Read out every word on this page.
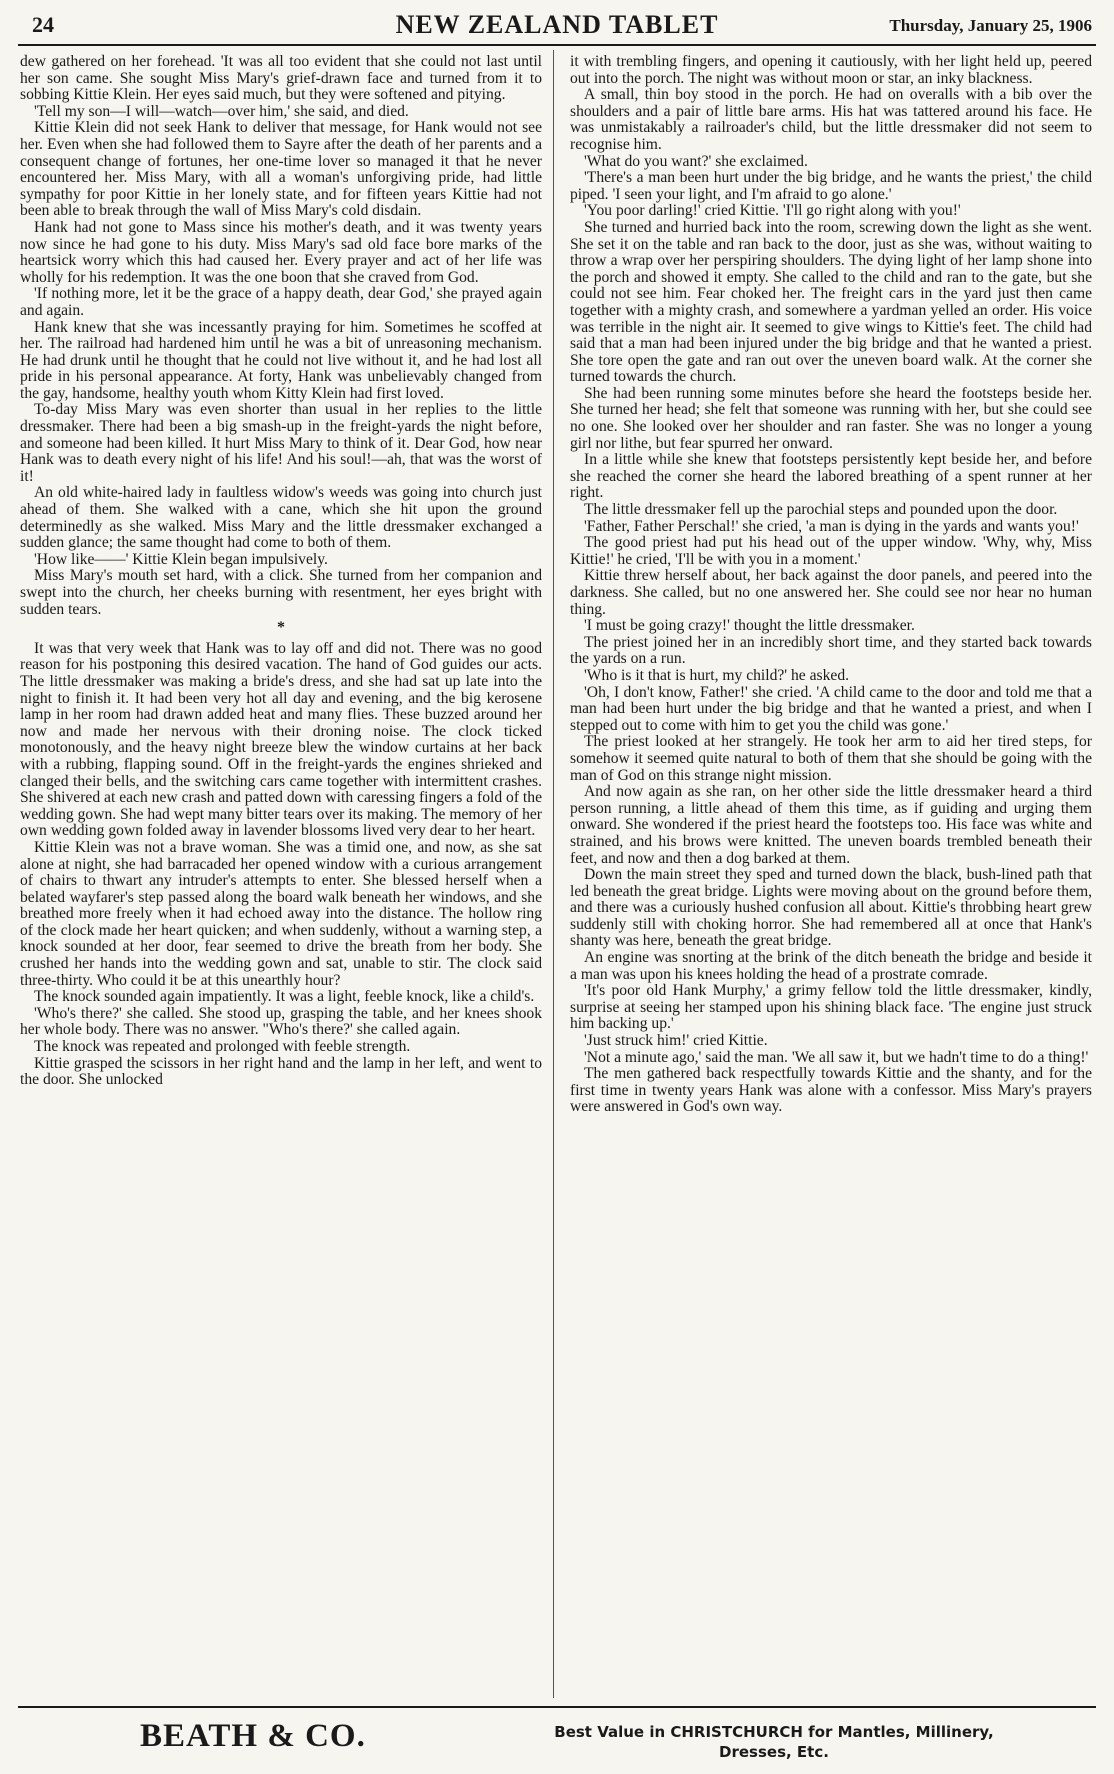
24	NEW ZEALAND TABLET	Thursday, January 25, 1906

dew gathered on her forehead. 'It was all too evident that she could not last until her son came. She sought Miss Mary's grief-drawn face and turned from it to sobbing Kittie Klein. Her eyes said much, but they were softened and pitying.

'Tell my son—I will—watch—over him,' she said, and died.

Kittie Klein did not seek Hank to deliver that message, for Hank would not see her. Even when she had followed them to Sayre after the death of her parents and a consequent change of fortunes, her one-time lover so managed it that he never encountered her. Miss Mary, with all a woman's unforgiving pride, had little sympathy for poor Kittie in her lonely state, and for fifteen years Kittie had not been able to break through the wall of Miss Mary's cold disdain.

Hank had not gone to Mass since his mother's death, and it was twenty years now since he had gone to his duty. Miss Mary's sad old face bore marks of the heartsick worry which this had caused her. Every prayer and act of her life was wholly for his redemption. It was the one boon that she craved from God.

'If nothing more, let it be the grace of a happy death, dear God,' she prayed again and again.

Hank knew that she was incessantly praying for him. Sometimes he scoffed at her. The railroad had hardened him until he was a bit of unreasoning mechanism. He had drunk until he thought that he could not live without it, and he had lost all pride in his personal appearance. At forty, Hank was unbelievably changed from the gay, handsome, healthy youth whom Kitty Klein had first loved.

To-day Miss Mary was even shorter than usual in her replies to the little dressmaker. There had been a big smash-up in the freight-yards the night before, and someone had been killed. It hurt Miss Mary to think of it. Dear God, how near Hank was to death every night of his life! And his soul!—ah, that was the worst of it!

An old white-haired lady in faultless widow's weeds was going into church just ahead of them. She walked with a cane, which she hit upon the ground determinedly as she walked. Miss Mary and the little dressmaker exchanged a sudden glance; the same thought had come to both of them.

'How like——' Kittie Klein began impulsively.

Miss Mary's mouth set hard, with a click. She turned from her companion and swept into the church, her cheeks burning with resentment, her eyes bright with sudden tears.

*

It was that very week that Hank was to lay off and did not. There was no good reason for his postponing this desired vacation. The hand of God guides our acts. The little dressmaker was making a bride's dress, and she had sat up late into the night to finish it. It had been very hot all day and evening, and the big kerosene lamp in her room had drawn added heat and many flies. These buzzed around her now and made her nervous with their droning noise. The clock ticked monotonously, and the heavy night breeze blew the window curtains at her back with a rubbing, flapping sound. Off in the freight-yards the engines shrieked and clanged their bells, and the switching cars came together with intermittent crashes. She shivered at each new crash and patted down with caressing fingers a fold of the wedding gown. She had wept many bitter tears over its making. The memory of her own wedding gown folded away in lavender blossoms lived very dear to her heart.

Kittie Klein was not a brave woman. She was a timid one, and now, as she sat alone at night, she had barracaded her opened window with a curious arrangement of chairs to thwart any intruder's attempts to enter. She blessed herself when a belated wayfarer's step passed along the board walk beneath her windows, and she breathed more freely when it had echoed away into the distance. The hollow ring of the clock made her heart quicken; and when suddenly, without a warning step, a knock sounded at her door, fear seemed to drive the breath from her body. She crushed her hands into the wedding gown and sat, unable to stir. The clock said three-thirty. Who could it be at this unearthly hour?

The knock sounded again impatiently. It was a light, feeble knock, like a child's.

'Who's there?' she called. She stood up, grasping the table, and her knees shook her whole body. There was no answer. "Who's there?' she called again.

The knock was repeated and prolonged with feeble strength.

Kittie grasped the scissors in her right hand and the lamp in her left, and went to the door. She unlocked

it with trembling fingers, and opening it cautiously, with her light held up, peered out into the porch. The night was without moon or star, an inky blackness.

A small, thin boy stood in the porch. He had on overalls with a bib over the shoulders and a pair of little bare arms. His hat was tattered around his face. He was unmistakably a railroader's child, but the little dressmaker did not seem to recognise him.

'What do you want?' she exclaimed.

'There's a man been hurt under the big bridge, and he wants the priest,' the child piped. 'I seen your light, and I'm afraid to go alone.'

'You poor darling!' cried Kittie. 'I'll go right along with you!'

She turned and hurried back into the room, screwing down the light as she went. She set it on the table and ran back to the door, just as she was, without waiting to throw a wrap over her perspiring shoulders. The dying light of her lamp shone into the porch and showed it empty. She called to the child and ran to the gate, but she could not see him. Fear choked her. The freight cars in the yard just then came together with a mighty crash, and somewhere a yardman yelled an order. His voice was terrible in the night air. It seemed to give wings to Kittie's feet. The child had said that a man had been injured under the big bridge and that he wanted a priest. She tore open the gate and ran out over the uneven board walk. At the corner she turned towards the church.

She had been running some minutes before she heard the footsteps beside her. She turned her head; she felt that someone was running with her, but she could see no one. She looked over her shoulder and ran faster. She was no longer a young girl nor lithe, but fear spurred her onward.

In a little while she knew that footsteps persistently kept beside her, and before she reached the corner she heard the labored breathing of a spent runner at her right.

The little dressmaker fell up the parochial steps and pounded upon the door.

'Father, Father Perschal!' she cried, 'a man is dying in the yards and wants you!'

The good priest had put his head out of the upper window. 'Why, why, Miss Kittie!' he cried, 'I'll be with you in a moment.'

Kittie threw herself about, her back against the door panels, and peered into the darkness. She called, but no one answered her. She could see nor hear no human thing.

'I must be going crazy!' thought the little dressmaker.

The priest joined her in an incredibly short time, and they started back towards the yards on a run.

'Who is it that is hurt, my child?' he asked.

'Oh, I don't know, Father!' she cried. 'A child came to the door and told me that a man had been hurt under the big bridge and that he wanted a priest, and when I stepped out to come with him to get you the child was gone.'

The priest looked at her strangely. He took her arm to aid her tired steps, for somehow it seemed quite natural to both of them that she should be going with the man of God on this strange night mission.

And now again as she ran, on her other side the little dressmaker heard a third person running, a little ahead of them this time, as if guiding and urging them onward. She wondered if the priest heard the footsteps too. His face was white and strained, and his brows were knitted. The uneven boards trembled beneath their feet, and now and then a dog barked at them.

Down the main street they sped and turned down the black, bush-lined path that led beneath the great bridge. Lights were moving about on the ground before them, and there was a curiously hushed confusion all about. Kittie's throbbing heart grew suddenly still with choking horror. She had remembered all at once that Hank's shanty was here, beneath the great bridge.

An engine was snorting at the brink of the ditch beneath the bridge and beside it a man was upon his knees holding the head of a prostrate comrade.

'It's poor old Hank Murphy,' a grimy fellow told the little dressmaker, kindly, surprise at seeing her stamped upon his shining black face. 'The engine just struck him backing up.'

'Just struck him!' cried Kittie.

'Not a minute ago,' said the man. 'We all saw it, but we hadn't time to do a thing!'

The men gathered back respectfully towards Kittie and the shanty, and for the first time in twenty years Hank was alone with a confessor. Miss Mary's prayers were answered in God's own way.

BEATH & CO.	Best Value in CHRISTCHURCH for Mantles, Millinery,
Dresses, Etc.
